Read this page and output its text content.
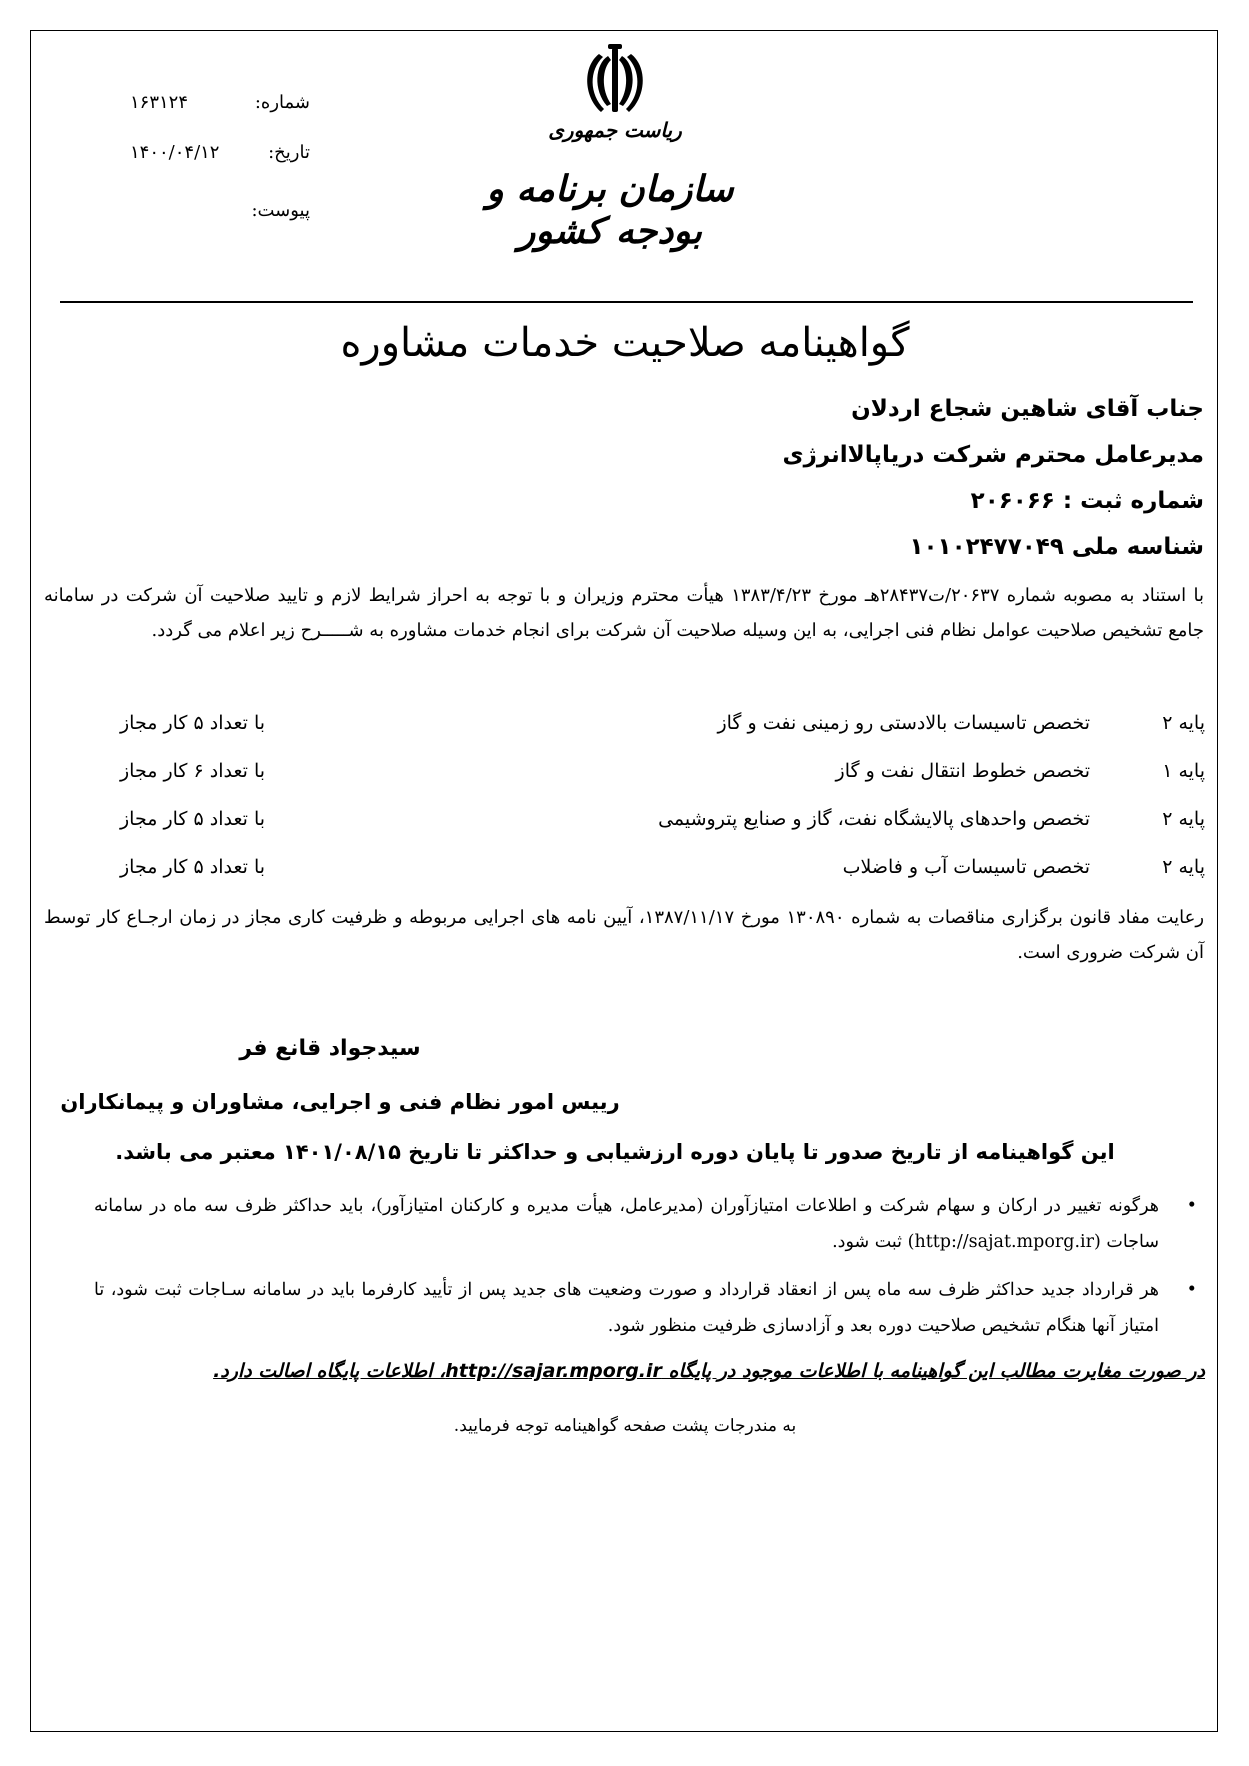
شماره:
۱۶۳۱۲۴
تاریخ:
۱۴۰۰/۰۴/۱۲
پیوست:
ریاست جمهوری
سازمان برنامه و بودجه کشور
گواهینامه صلاحیت خدمات مشاوره
جناب آقای شاهین شجاع اردلان
مدیرعامل محترم شرکت دریاپالاانرژی
شماره ثبت : ۲۰۶۰۶۶
شناسه ملی ۱۰۱۰۲۴۷۷۰۴۹
با استناد به مصوبه شماره ۲۰۶۳۷/ت۲۸۴۳۷هـ مورخ ۱۳۸۳/۴/۲۳ هیأت محترم وزیران و با توجه به احراز شرایط لازم و تایید صلاحیت آن شرکت در سامانه جامع تشخیص صلاحیت عوامل نظام فنی اجرایی، به این وسیله صلاحیت آن شرکت برای انجام خدمات مشاوره به شـــــرح زیر اعلام می گردد.
پایه ۲
تخصص تاسیسات بالادستی رو زمینی نفت و گاز
با تعداد ۵ کار مجاز
پایه ۱
تخصص خطوط انتقال نفت و گاز
با تعداد ۶ کار مجاز
پایه ۲
تخصص واحدهای پالایشگاه نفت، گاز و صنایع پتروشیمی
با تعداد ۵ کار مجاز
پایه ۲
تخصص تاسیسات آب و فاضلاب
با تعداد ۵ کار مجاز
رعایت مفاد قانون برگزاری مناقصات به شماره ۱۳۰۸۹۰ مورخ ۱۳۸۷/۱۱/۱۷، آیین نامه های اجرایی مربوطه و ظرفیت کاری مجاز در زمان ارجـاع کار توسط آن شرکت ضروری است.
سیدجواد قانع فر
رییس امور نظام فنی و اجرایی، مشاوران و پیمانکاران
این گواهینامه از تاریخ صدور تا پایان دوره ارزشیابی و حداکثر تا تاریخ ۱۴۰۱/۰۸/۱۵ معتبر می باشد.
•
هرگونه تغییر در ارکان و سهام شرکت و اطلاعات امتیازآوران (مدیرعامل، هیأت مدیره و کارکنان امتیازآور)، باید حداکثر ظرف سه ماه در سامانه ساجات (http://sajat.mporg.ir) ثبت شود.
•
هر قرارداد جدید حداکثر ظرف سه ماه پس از انعقاد قرارداد و صورت وضعیت های جدید پس از تأیید کارفرما باید در سامانه سـاجات ثبت شود، تا امتیاز آنها هنگام تشخیص صلاحیت دوره بعد و آزادسازی ظرفیت منظور شود.
در صورت مغایرت مطالب این گواهینامه با اطلاعات موجود در پایگاه http://sajar.mporg.ir، اطلاعات پایگاه اصالت دارد.
به مندرجات پشت صفحه گواهینامه توجه فرمایید.
